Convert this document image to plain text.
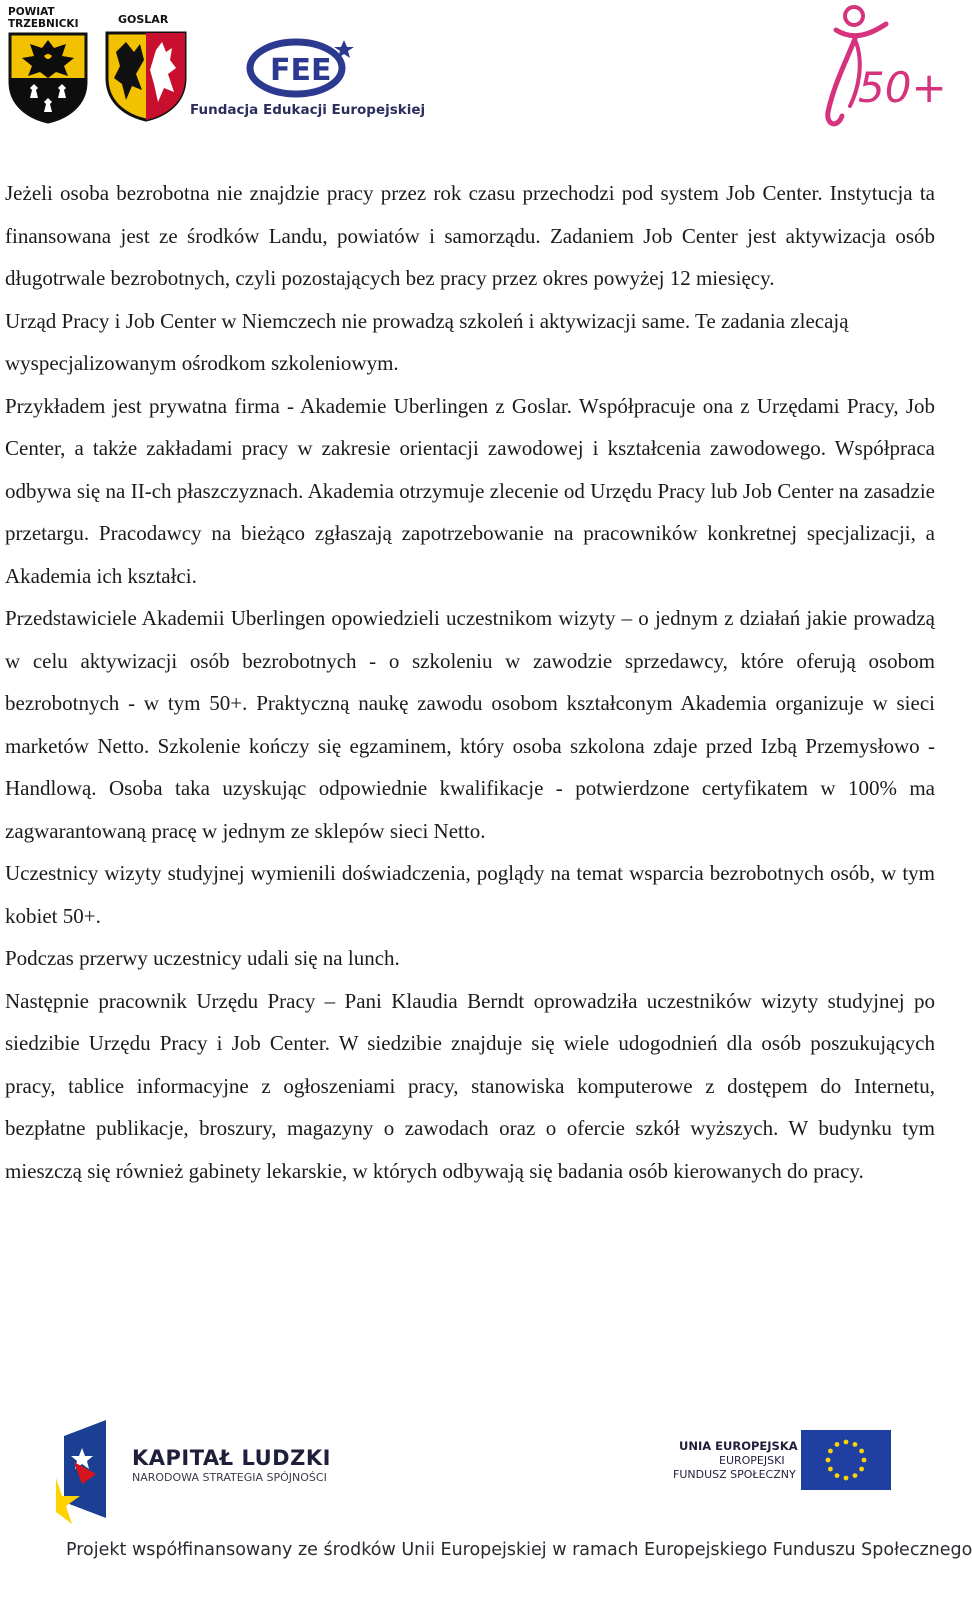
POWIAT
TRZEBNICKI	GOSLAR
FEE
Fundacja Edukacji Europejskiej	50+

Jeżeli osoba bezrobotna nie znajdzie pracy przez rok czasu przechodzi pod system Job Center. Instytucja ta finansowana jest ze środków Landu, powiatów i samorządu. Zadaniem Job Center jest aktywizacja osób długotrwale bezrobotnych, czyli pozostających bez pracy przez okres powyżej 12 miesięcy.

Urząd Pracy i Job Center w Niemczech nie prowadzą szkoleń i aktywizacji same. Te zadania zlecają wyspecjalizowanym ośrodkom szkoleniowym.

Przykładem jest prywatna firma - Akademie Uberlingen z Goslar. Współpracuje ona z Urzędami Pracy, Job Center, a także zakładami pracy w zakresie orientacji zawodowej i kształcenia zawodowego. Współpraca odbywa się na II-ch płaszczyznach. Akademia otrzymuje zlecenie od Urzędu Pracy lub Job Center na zasadzie przetargu. Pracodawcy na bieżąco zgłaszają zapotrzebowanie na pracowników konkretnej specjalizacji, a Akademia ich kształci.

Przedstawiciele Akademii Uberlingen opowiedzieli uczestnikom wizyty – o jednym z działań jakie prowadzą w celu aktywizacji osób bezrobotnych - o szkoleniu w zawodzie sprzedawcy, które oferują osobom bezrobotnych - w tym 50+. Praktyczną naukę zawodu osobom kształconym Akademia organizuje w sieci marketów Netto. Szkolenie kończy się egzaminem, który osoba szkolona zdaje przed Izbą Przemysłowo - Handlową. Osoba taka uzyskując odpowiednie kwalifikacje - potwierdzone certyfikatem w 100% ma zagwarantowaną pracę w jednym ze sklepów sieci Netto.

Uczestnicy wizyty studyjnej wymienili doświadczenia, poglądy na temat wsparcia bezrobotnych osób, w tym kobiet 50+.

Podczas przerwy uczestnicy udali się na lunch.

Następnie pracownik Urzędu Pracy – Pani Klaudia Berndt oprowadziła uczestników wizyty studyjnej po siedzibie Urzędu Pracy i Job Center. W siedzibie znajduje się wiele udogodnień dla osób poszukujących pracy, tablice informacyjne z ogłoszeniami pracy, stanowiska komputerowe z dostępem do Internetu, bezpłatne publikacje, broszury, magazyny o zawodach oraz o ofercie szkół wyższych. W budynku tym mieszczą się również gabinety lekarskie, w których odbywają się badania osób kierowanych do pracy.

KAPITAŁ LUDZKI
NARODOWA STRATEGIA SPÓJNOŚCI
UNIA EUROPEJSKA
EUROPEJSKI
FUNDUSZ SPOŁECZNY
Projekt współfinansowany ze środków Unii Europejskiej w ramach Europejskiego Funduszu Społecznego
